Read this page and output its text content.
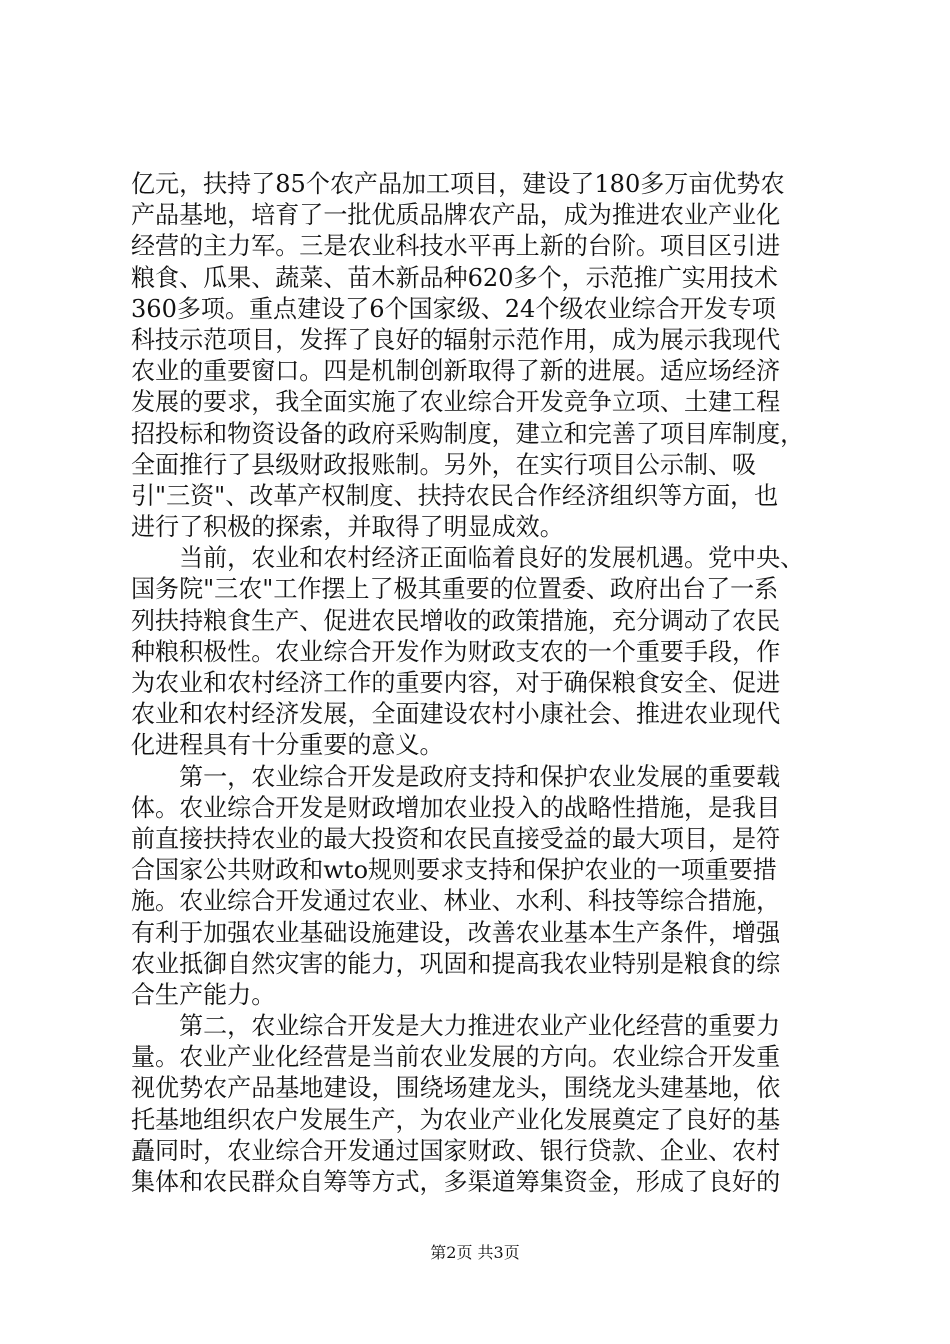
亿元，扶持了85个农产品加工项目，建设了180多万亩优势农
产品基地，培育了一批优质品牌农产品，成为推进农业产业化
经营的主力军。三是农业科技水平再上新的台阶。项目区引进
粮食、瓜果、蔬菜、苗木新品种620多个，示范推广实用技术
360多项。重点建设了6个国家级、24个级农业综合开发专项
科技示范项目，发挥了良好的辐射示范作用，成为展示我现代
农业的重要窗口。四是机制创新取得了新的进展。适应场经济
发展的要求，我全面实施了农业综合开发竞争立项、土建工程
招投标和物资设备的政府采购制度，建立和完善了项目库制度，
全面推行了县级财政报账制。另外，在实行项目公示制、吸
引"三资"、改革产权制度、扶持农民合作经济组织等方面，也
进行了积极的探索，并取得了明显成效。
　　当前，农业和农村经济正面临着良好的发展机遇。党中央、
国务院"三农"工作摆上了极其重要的位置委、政府出台了一系
列扶持粮食生产、促进农民增收的政策措施，充分调动了农民
种粮积极性。农业综合开发作为财政支农的一个重要手段，作
为农业和农村经济工作的重要内容，对于确保粮食安全、促进
农业和农村经济发展，全面建设农村小康社会、推进农业现代
化进程具有十分重要的意义。
　　第一，农业综合开发是政府支持和保护农业发展的重要载
体。农业综合开发是财政增加农业投入的战略性措施，是我目
前直接扶持农业的最大投资和农民直接受益的最大项目，是符
合国家公共财政和wto规则要求支持和保护农业的一项重要措
施。农业综合开发通过农业、林业、水利、科技等综合措施，
有利于加强农业基础设施建设，改善农业基本生产条件，增强
农业抵御自然灾害的能力，巩固和提高我农业特别是粮食的综
合生产能力。
　　第二，农业综合开发是大力推进农业产业化经营的重要力
量。农业产业化经营是当前农业发展的方向。农业综合开发重
视优势农产品基地建设，围绕场建龙头，围绕龙头建基地，依
托基地组织农户发展生产，为农业产业化发展奠定了良好的基
矗同时，农业综合开发通过国家财政、银行贷款、企业、农村
集体和农民群众自筹等方式，多渠道筹集资金，形成了良好的
第2页 共3页
